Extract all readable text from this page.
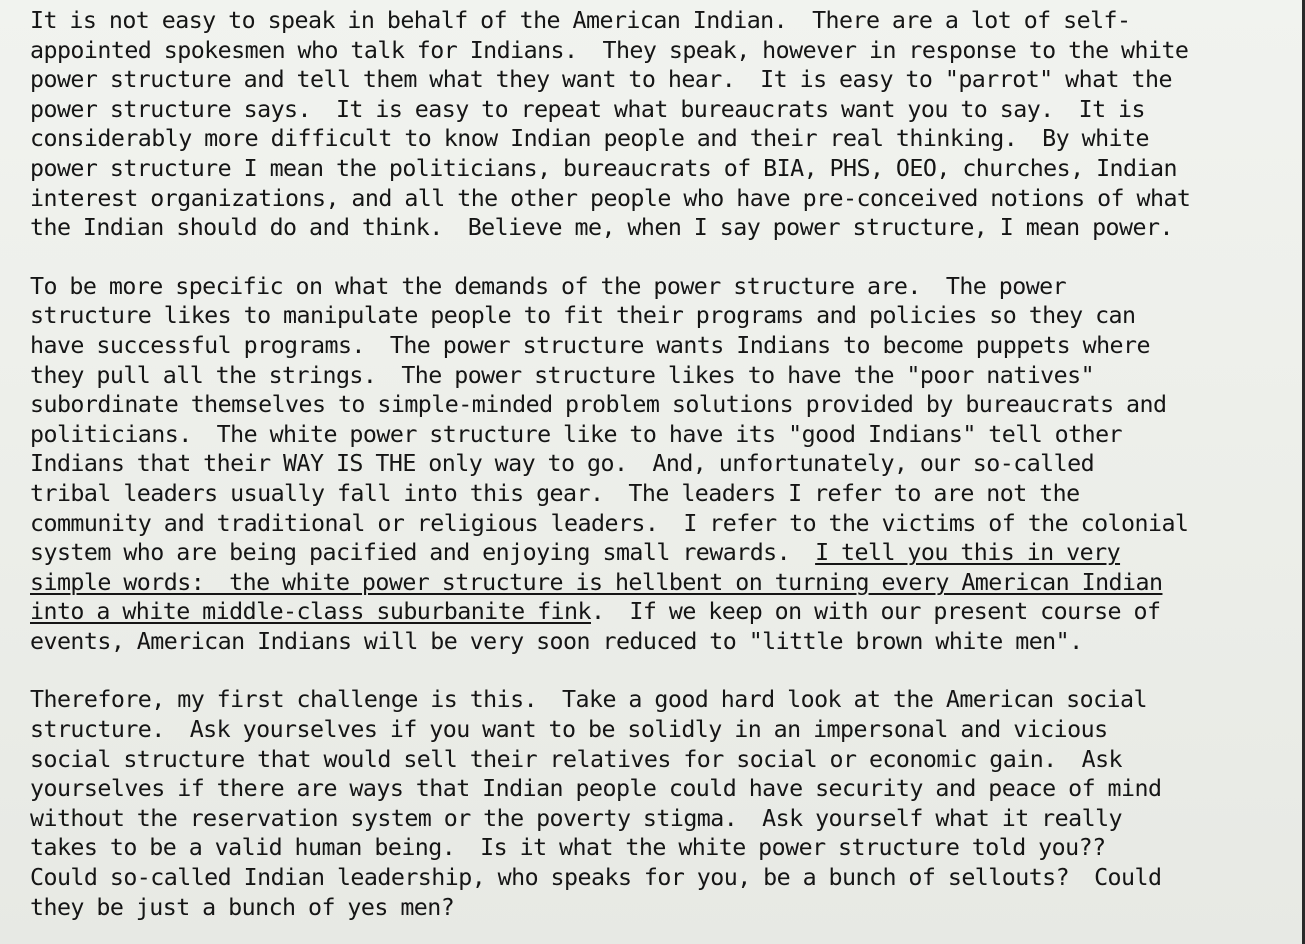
It is not easy to speak in behalf of the American Indian.  There are a lot of self-
appointed spokesmen who talk for Indians.  They speak, however in response to the white
power structure and tell them what they want to hear.  It is easy to "parrot" what the
power structure says.  It is easy to repeat what bureaucrats want you to say.  It is
considerably more difficult to know Indian people and their real thinking.  By white
power structure I mean the politicians, bureaucrats of BIA, PHS, OEO, churches, Indian
interest organizations, and all the other people who have pre-conceived notions of what
the Indian should do and think.  Believe me, when I say power structure, I mean power.
To be more specific on what the demands of the power structure are.  The power
structure likes to manipulate people to fit their programs and policies so they can
have successful programs.  The power structure wants Indians to become puppets where
they pull all the strings.  The power structure likes to have the "poor natives"
subordinate themselves to simple-minded problem solutions provided by bureaucrats and
politicians.  The white power structure like to have its "good Indians" tell other
Indians that their WAY IS THE only way to go.  And, unfortunately, our so-called
tribal leaders usually fall into this gear.  The leaders I refer to are not the
community and traditional or religious leaders.  I refer to the victims of the colonial
system who are being pacified and enjoying small rewards.  I tell you this in very
simple words:  the white power structure is hellbent on turning every American Indian
into a white middle-class suburbanite fink.  If we keep on with our present course of
events, American Indians will be very soon reduced to "little brown white men".
Therefore, my first challenge is this.  Take a good hard look at the American social
structure.  Ask yourselves if you want to be solidly in an impersonal and vicious
social structure that would sell their relatives for social or economic gain.  Ask
yourselves if there are ways that Indian people could have security and peace of mind
without the reservation system or the poverty stigma.  Ask yourself what it really
takes to be a valid human being.  Is it what the white power structure told you??
Could so-called Indian leadership, who speaks for you, be a bunch of sellouts?  Could
they be just a bunch of yes men?
